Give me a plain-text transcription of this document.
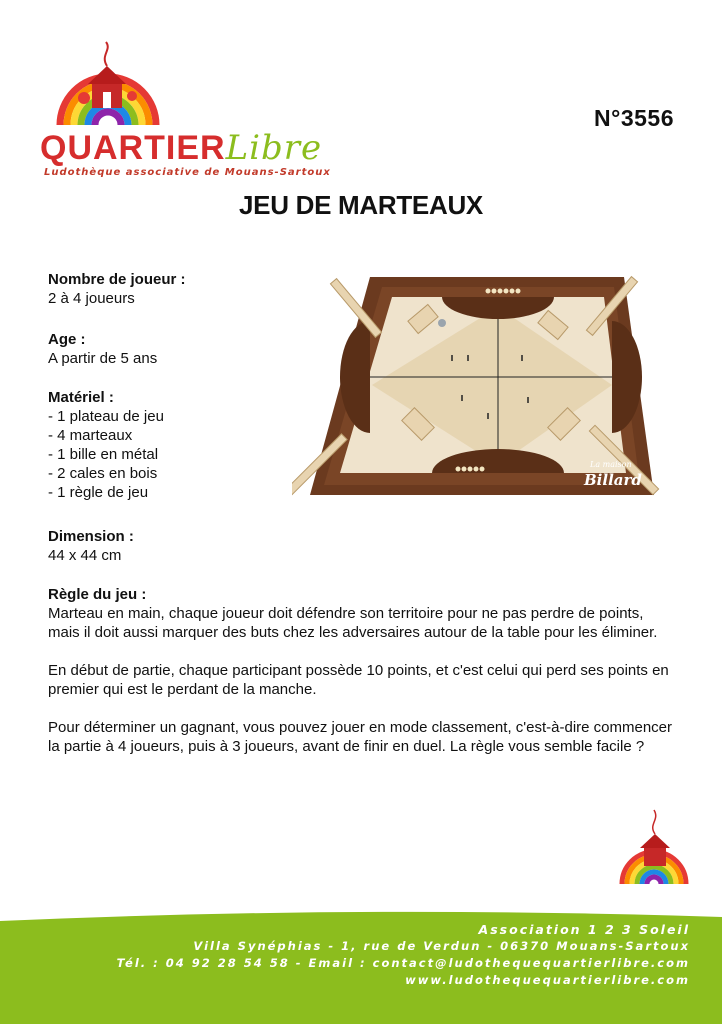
QUARTIERLibre
Ludothèque associative de Mouans-Sartoux
N°3556
JEU DE MARTEAUX
Nombre de joueur :
2 à 4 joueurs
Age :
A partir de 5 ans
Matériel :
- 1 plateau de jeu
- 4 marteaux
- 1 bille en métal
- 2 cales en bois
- 1 règle de jeu
Dimension :
44 x 44 cm
Règle du jeu :

Marteau en main, chaque joueur doit défendre son territoire pour ne pas perdre de points, mais il doit aussi marquer des buts chez les adversaires autour de la table pour les éliminer.

En début de partie, chaque participant possède 10 points, et c'est celui qui perd ses points en premier qui est le perdant de la manche.

Pour déterminer un gagnant, vous pouvez jouer en mode classement, c'est-à-dire commencer la partie à 4 joueurs, puis à 3 joueurs, avant de finir en duel. La règle vous semble facile ?

La maison
Billard
Association 1 2 3 Soleil
Villa Synéphias - 1, rue de Verdun - 06370 Mouans-Sartoux
Tél. : 04 92 28 54 58 - Email : contact@ludothequequartierlibre.com
www.ludothequequartierlibre.com
